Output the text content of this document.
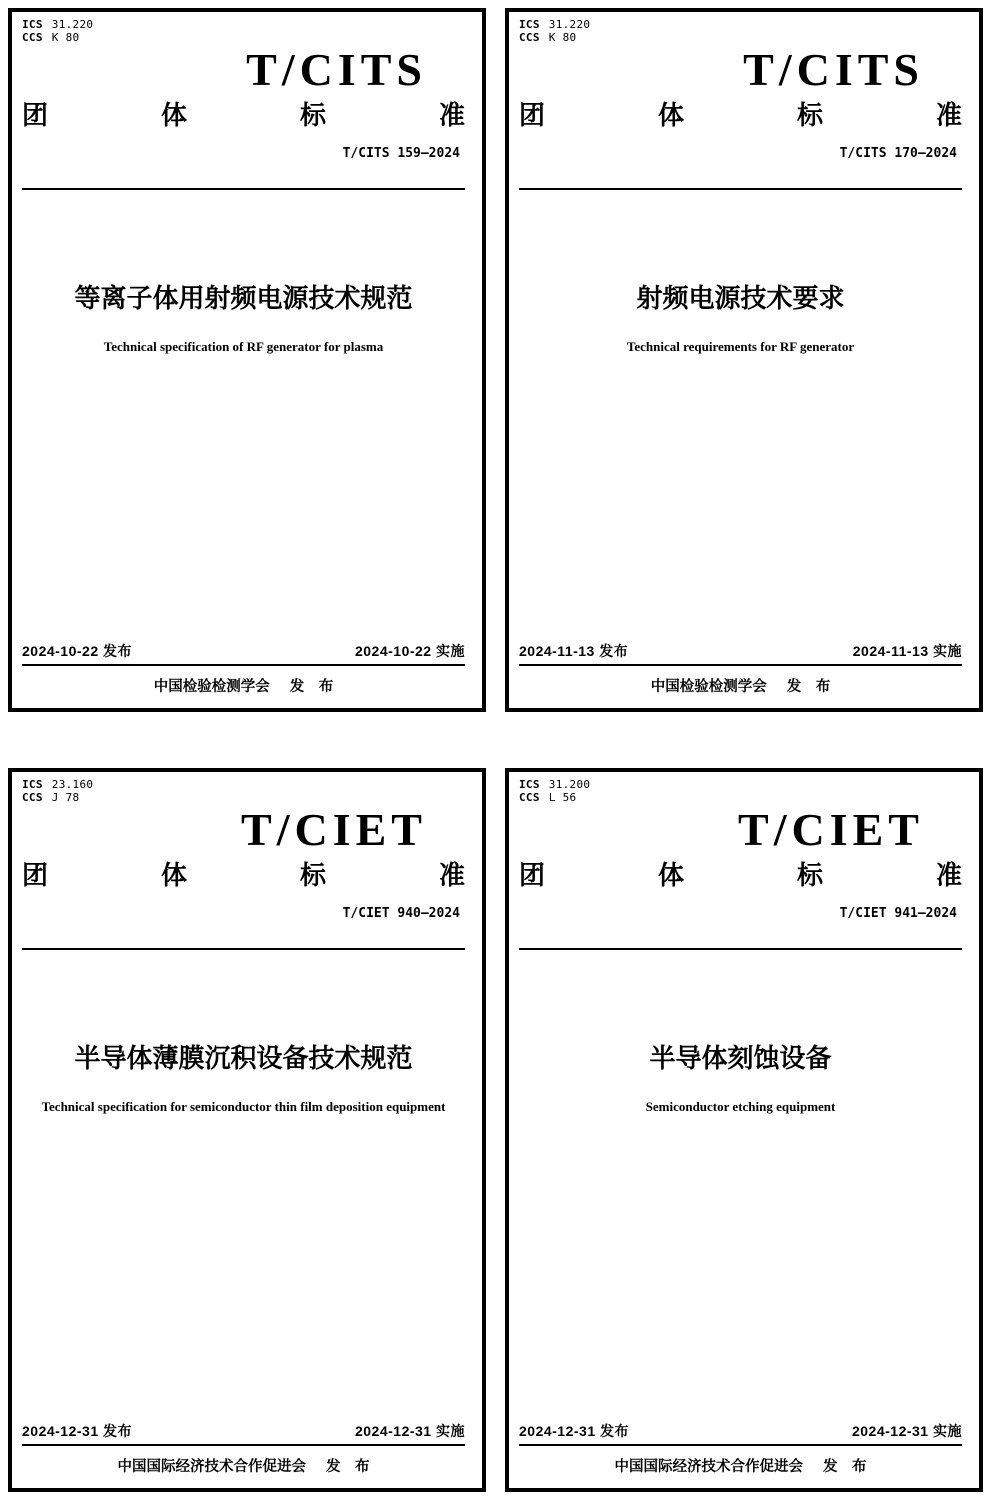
ICS 31.220
CCS K 80
T/CITS
团 体 标 准
T/CITS 159—2024
等离子体用射频电源技术规范
Technical specification of RF generator for plasma
2024-10-22 发布	2024-10-22 实施
中国检验检测学会 发　布
ICS 31.220
CCS K 80
T/CITS
团 体 标 准
T/CITS 170—2024
射频电源技术要求
Technical requirements for RF generator
2024-11-13 发布	2024-11-13 实施
中国检验检测学会 发　布
ICS 23.160
CCS J 78
T/CIET
团 体 标 准
T/CIET 940—2024
半导体薄膜沉积设备技术规范
Technical specification for semiconductor thin film deposition equipment
2024-12-31 发布	2024-12-31 实施
中国国际经济技术合作促进会 发　布
ICS 31.200
CCS L 56
T/CIET
团 体 标 准
T/CIET 941—2024
半导体刻蚀设备
Semiconductor etching equipment
2024-12-31 发布	2024-12-31 实施
中国国际经济技术合作促进会 发　布
